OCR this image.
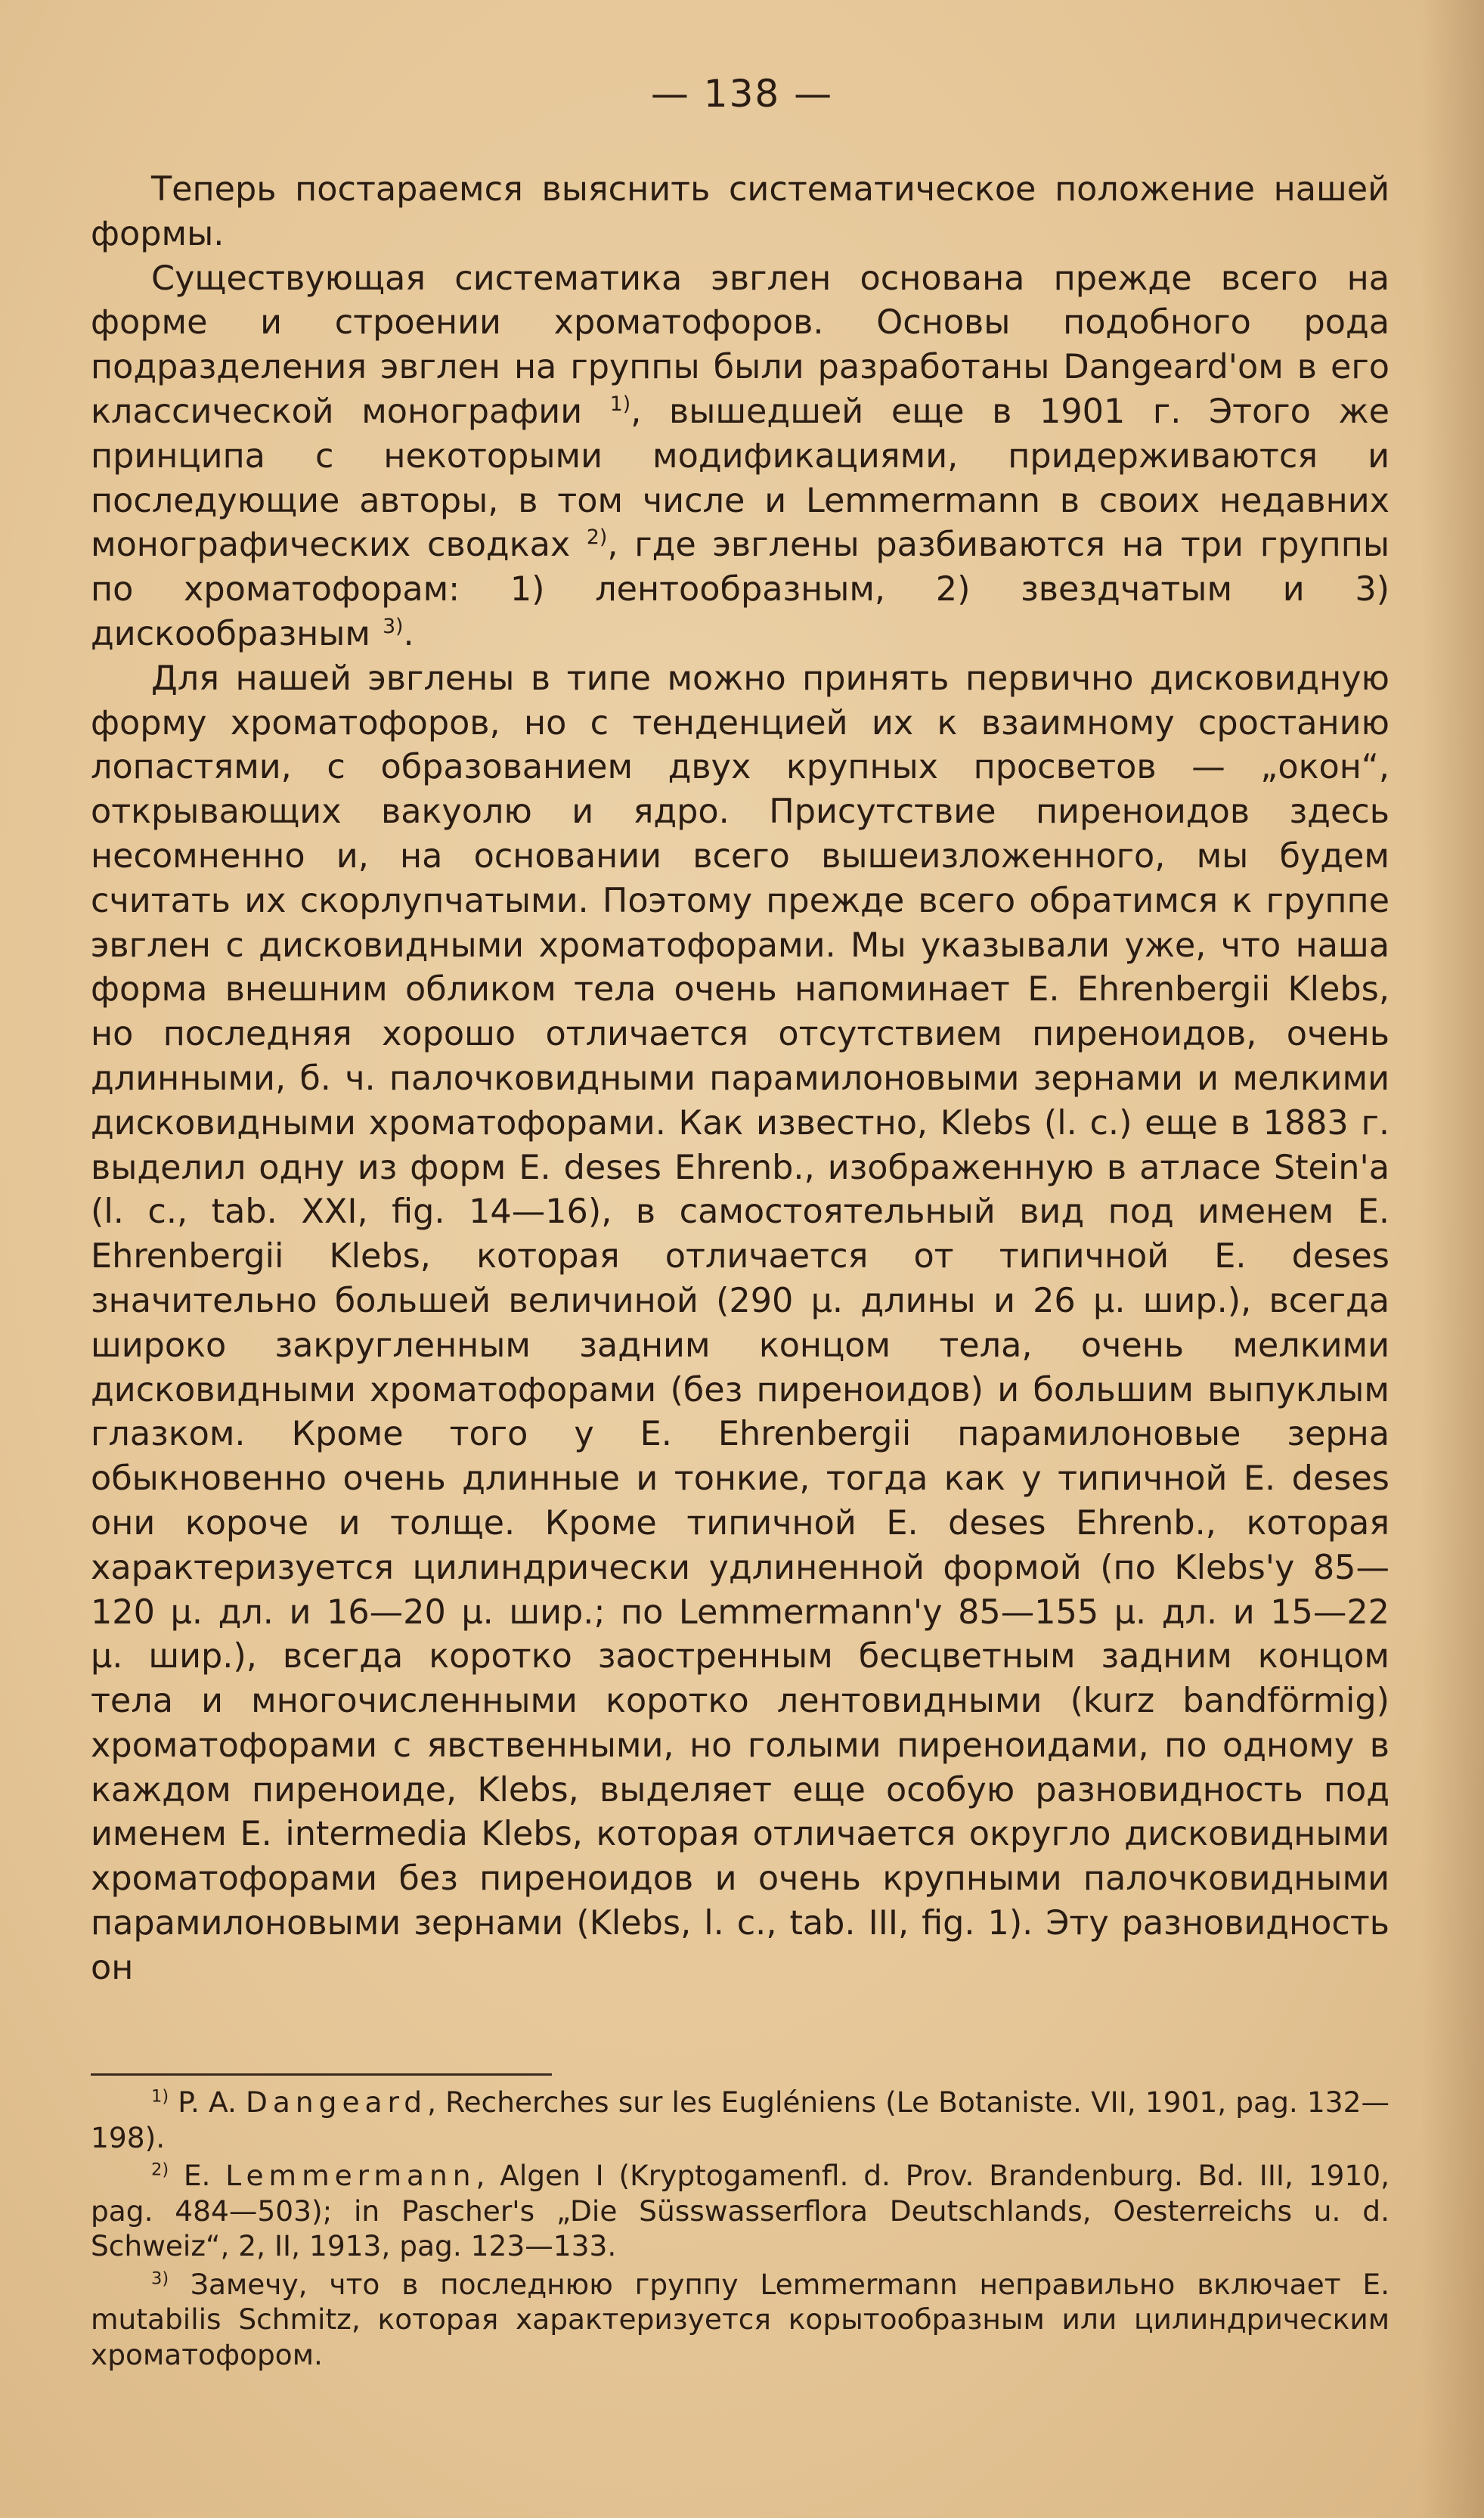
— 138 —

Теперь постараемся выяснить систематическое положение нашей формы.

Существующая систематика эвглен основана прежде всего на форме и строении хроматофоров. Основы подобного рода подразделения эвглен на группы были разработаны Dangeard'ом в его классической монографии $^{1)}$, вышедшей еще в 1901 г. Этого же принципа с некоторыми модификациями, придерживаются и последующие авторы, в том числе и Lemmermann в своих недавних монографических сводках $^{2)}$, где эвглены разбиваются на три группы по хроматофорам: 1) лентообразным, 2) звездчатым и 3) дискообразным $^{3)}$.

Для нашей эвглены в типе можно принять первично дисковидную форму хроматофоров, но с тенденцией их к взаимному сростанию лопастями, с образованием двух крупных просветов — „окон“, открывающих вакуолю и ядро. Присутствие пиреноидов здесь несомненно и, на основании всего вышеизложенного, мы будем считать их скорлупчатыми. Поэтому прежде всего обратимся к группе эвглен с дисковидными хроматофорами. Мы указывали уже, что наша форма внешним обликом тела очень напоминает E. Ehrenbergii Klebs, но последняя хорошо отличается отсутствием пиреноидов, очень длинными, б. ч. палочковидными парамилоновыми зернами и мелкими дисковидными хроматофорами. Как известно, Klebs (l. c.) еще в 1883 г. выделил одну из форм E. deses Ehrenb., изображенную в атласе Stein'а (l. c., tab. XXI, fig. 14—16), в самостоятельный вид под именем E. Ehrenbergii Klebs, которая отличается от типичной E. deses значительно большей величиной (290 μ. длины и 26 μ. шир.), всегда широко закругленным задним концом тела, очень мелкими дисковидными хроматофорами (без пиреноидов) и большим выпуклым глазком. Кроме того у E. Ehrenbergii парамилоновые зерна обыкновенно очень длинные и тонкие, тогда как у типичной E. deses они короче и толще. Кроме типичной E. deses Ehrenb., которая характеризуется цилиндрически удлиненной формой (по Klebs'у 85—120 μ. дл. и 16—20 μ. шир.; по Lemmermann'у 85—155 μ. дл. и 15—22 μ. шир.), всегда коротко заостренным бесцветным задним концом тела и многочисленными коротко лентовидными (kurz bandförmig) хроматофорами с явственными, но голыми пиреноидами, по одному в каждом пиреноиде, Klebs, выделяет еще особую разновидность под именем E. intermedia Klebs, которая отличается округло дисковидными хроматофорами без пиреноидов и очень крупными палочковидными парамилоновыми зернами (Klebs, l. c., tab. III, fig. 1). Эту разновидность он

$^{1)}$ P. A. Dangeard, Recherches sur les Eugléniens (Le Botaniste. VII, 1901, pag. 132—198).

$^{2)}$ E. Lemmermann, Algen I (Kryptogamenfl. d. Prov. Brandenburg. Bd. III, 1910, pag. 484—503); in Pascher's „Die Süsswasserflora Deutschlands, Oesterreichs u. d. Schweiz“, 2, II, 1913, pag. 123—133.

$^{3)}$ Замечу, что в последнюю группу Lemmermann неправильно включает E. mutabilis Schmitz, которая характеризуется корытообразным или цилиндрическим хроматофором.
